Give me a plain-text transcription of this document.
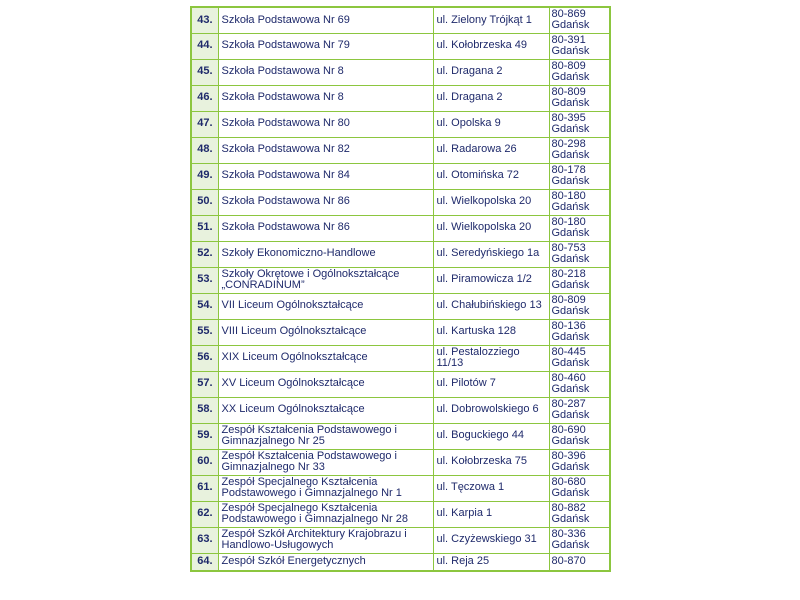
43.	Szkoła Podstawowa Nr 69	ul. Zielony Trójkąt 1	80-869
Gdańsk

44.	Szkoła Podstawowa Nr 79	ul. Kołobrzeska 49	80-391
Gdańsk

45.	Szkoła Podstawowa Nr 8	ul. Dragana 2	80-809
Gdańsk

46.	Szkoła Podstawowa Nr 8	ul. Dragana 2	80-809
Gdańsk

47.	Szkoła Podstawowa Nr 80	ul. Opolska 9	80-395
Gdańsk

48.	Szkoła Podstawowa Nr 82	ul. Radarowa 26	80-298
Gdańsk

49.	Szkoła Podstawowa Nr 84	ul. Otomińska 72	80-178
Gdańsk

50.	Szkoła Podstawowa Nr 86	ul. Wielkopolska 20	80-180
Gdańsk

51.	Szkoła Podstawowa Nr 86	ul. Wielkopolska 20	80-180
Gdańsk

52.	Szkoły Ekonomiczno-Handlowe	ul. Seredyńskiego 1a	80-753
Gdańsk

53.	Szkoły Okrętowe i Ogólnokształcące „CONRADINUM”	ul. Piramowicza 1/2	80-218
Gdańsk

54.	VII Liceum Ogólnokształcące	ul. Chałubińskiego 13	80-809
Gdańsk

55.	VIII Liceum Ogólnokształcące	ul. Kartuska 128	80-136
Gdańsk

56.	XIX Liceum Ogólnokształcące	ul. Pestalozziego 11/13	80-445
Gdańsk

57.	XV Liceum Ogólnokształcące	ul. Pilotów 7	80-460
Gdańsk

58.	XX Liceum Ogólnokształcące	ul. Dobrowolskiego 6	80-287
Gdańsk

59.	Zespół Kształcenia Podstawowego i Gimnazjalnego Nr 25	ul. Boguckiego 44	80-690
Gdańsk

60.	Zespół Kształcenia Podstawowego i Gimnazjalnego Nr 33	ul. Kołobrzeska 75	80-396
Gdańsk

61.	Zespół Specjalnego Kształcenia Podstawowego i Gimnazjalnego Nr 1	ul. Tęczowa 1	80-680
Gdańsk

62.	Zespół Specjalnego Kształcenia Podstawowego i Gimnazjalnego Nr 28	ul. Karpia 1	80-882
Gdańsk

63.	Zespół Szkół Architektury Krajobrazu i Handlowo-Usługowych	ul. Czyżewskiego 31	80-336
Gdańsk

64.	Zespół Szkół Energetycznych	ul. Reja 25	80-870
